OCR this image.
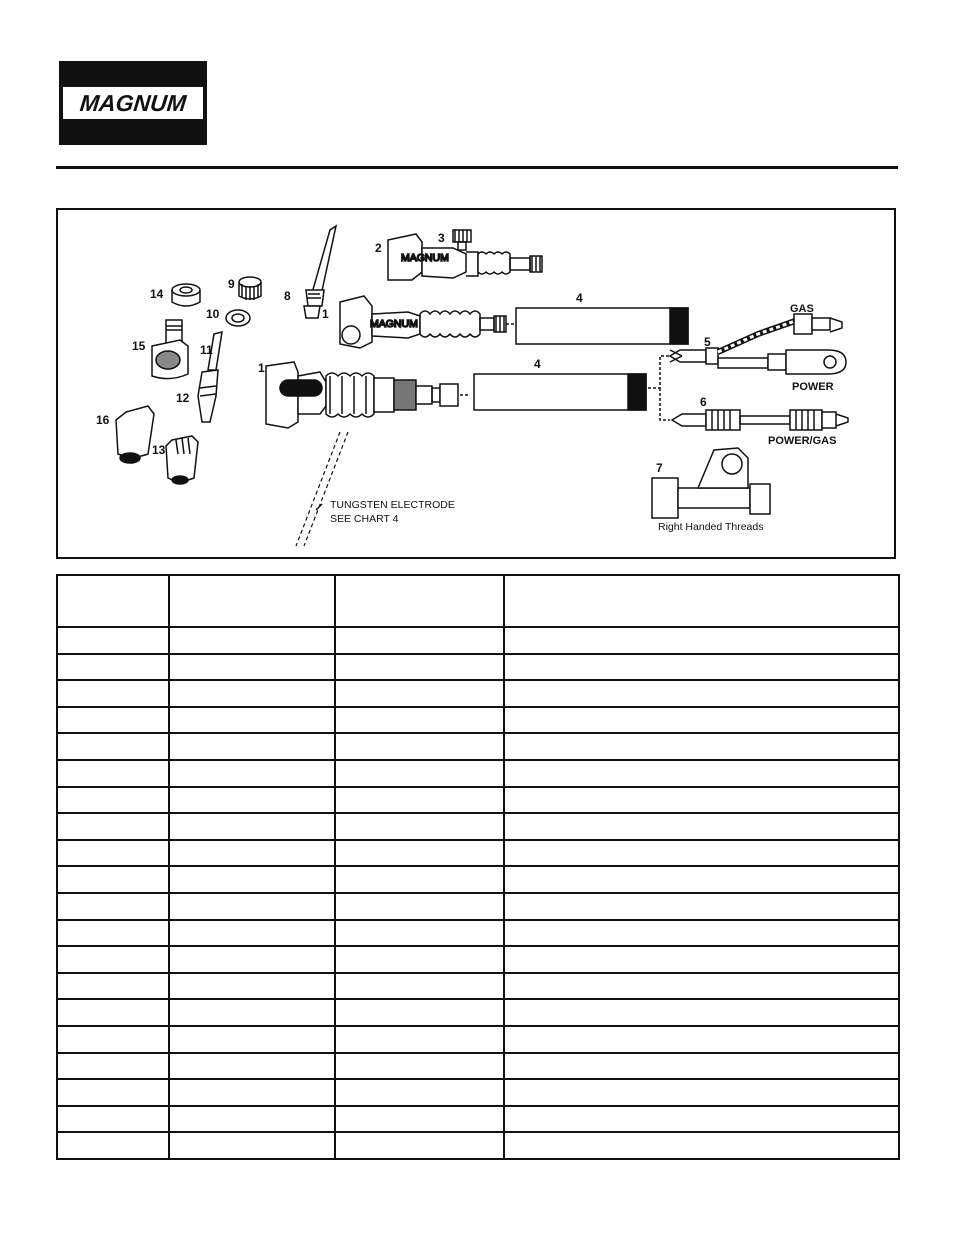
MAGNUM
MAGNUM
MAGNUM
2
3
8
1
4
1	4
5
6
7
9
10
11
12
13
14
15
16
GAS
POWER
POWER/GAS
TUNGSTEN ELECTRODE
SEE CHART 4
Right Handed Threads
